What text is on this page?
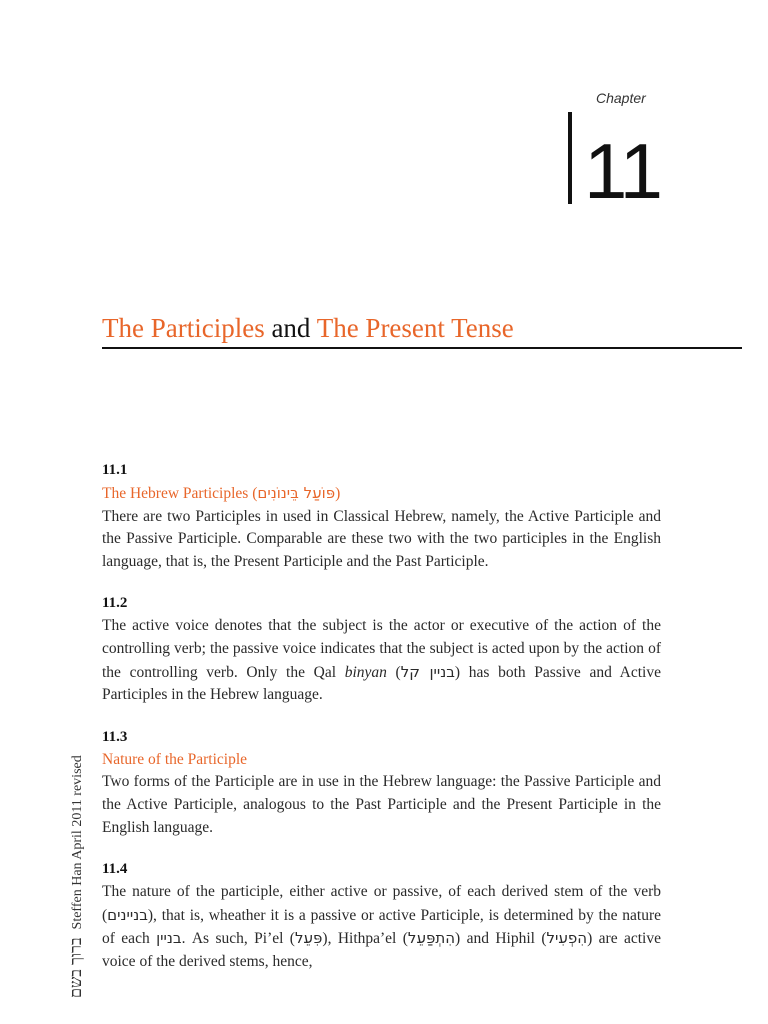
Chapter
11
The Participles and The Present Tense
11.1
The Hebrew Participles (פּוֹעַל בֵּינוֹנִים)
There are two Participles in used in Classical Hebrew, namely, the Active Participle and the Passive Participle. Comparable are these two with the two participles in the English language, that is, the Present Participle and the Past Participle.
11.2
The active voice denotes that the subject is the actor or executive of the action of the controlling verb; the passive voice indicates that the subject is acted upon by the action of the controlling verb. Only the Qal binyan (בניין קל) has both Passive and Active Participles in the Hebrew language.
11.3
Nature of the Participle
Two forms of the Participle are in use in the Hebrew language: the Passive Participle and the Active Participle, analogous to the Past Participle and the Present Participle in the English language.
11.4
The nature of the participle, either active or passive, of each derived stem of the verb (בניינים), that is, wheather it is a passive or active Participle, is determined by the nature of each בניין. As such, Pi’el (פִּעֵל), Hithpa’el (הִתְפַּעֵל) and Hiphil (הִפְעִיל) are active voice of the derived stems, hence,
ברוך בשםSteffen Han April 2011 revised
